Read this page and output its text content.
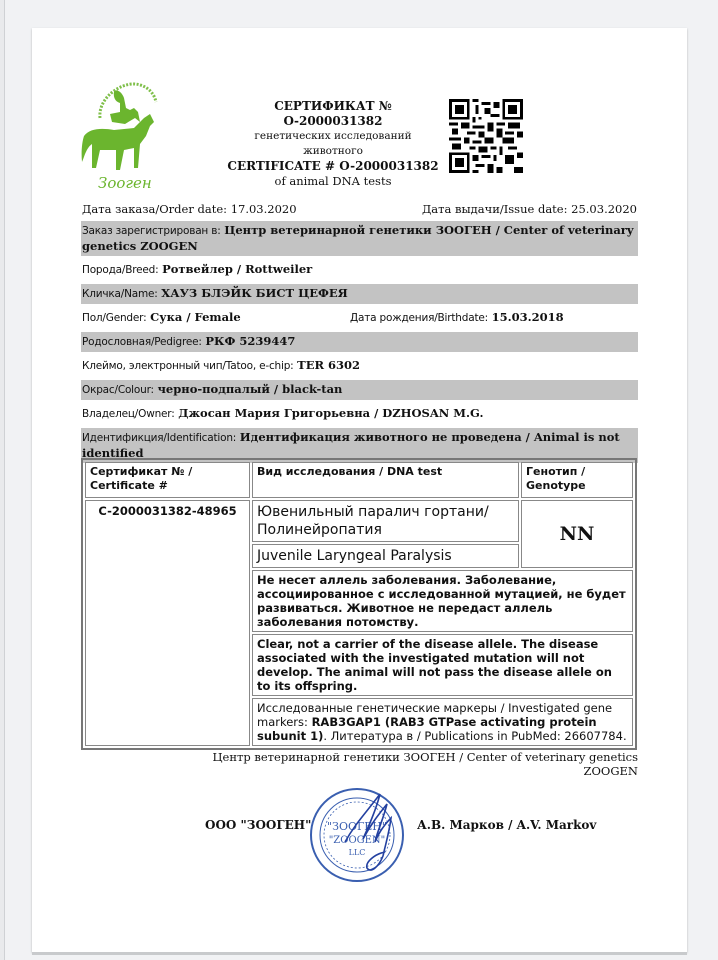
Зооген
СЕРТИФИКАТ № О-2000031382
генетических исследований
животного
CERTIFICATE # O-2000031382
of animal DNA tests
Дата заказа/Order date: 17.03.2020	Дата выдачи/Issue date: 25.03.2020
Заказ зарегистрирован в: Центр ветеринарной генетики ЗООГЕН / Center of veterinary genetics ZOOGEN
Порода/Breed: Ротвейлер / Rottweiler
Кличка/Name: ХАУЗ БЛЭЙК БИСТ ЦЕФЕЯ
Пол/Gender: Сука / Female	Дата рождения/Birthdate: 15.03.2018
Родословная/Pedigree: РКФ 5239447
Клеймо, электронный чип/Tatoo, e-chip: TER 6302
Окрас/Colour: черно-подпалый / black-tan
Владелец/Owner: Джосан Мария Григорьевна / DZHOSAN M.G.
Идентификция/Identification: Идентификация животного не проведена / Animal is not identified
Сертификат № / Certificate #	Вид исследования / DNA test	Генотип / Genotype
C-2000031382-48965	Ювенильный паралич гортани/Полинейропатия	NN
	Juvenile Laryngeal Paralysis	
	Не несет аллель заболевания. Заболевание, ассоциированное с исследованной мутацией, не будет развиваться. Животное не передаст аллель заболевания потомству.	
	Clear, not a carrier of the disease allele. The disease associated with the investigated mutation will not develop. The animal will not pass the disease allele on to its offspring.	
	Исследованные генетические маркеры / Investigated gene markers: RAB3GAP1 (RAB3 GTPase activating protein subunit 1). Литература в / Publications in PubMed: 26607784.	
Центр ветеринарной генетики ЗООГЕН / Center of veterinary genetics ZOOGEN
ООО "ЗООГЕН" "ЗООГЕН"
"ZOOGEN"
LLC
А.В. Марков / A.V. Markov
